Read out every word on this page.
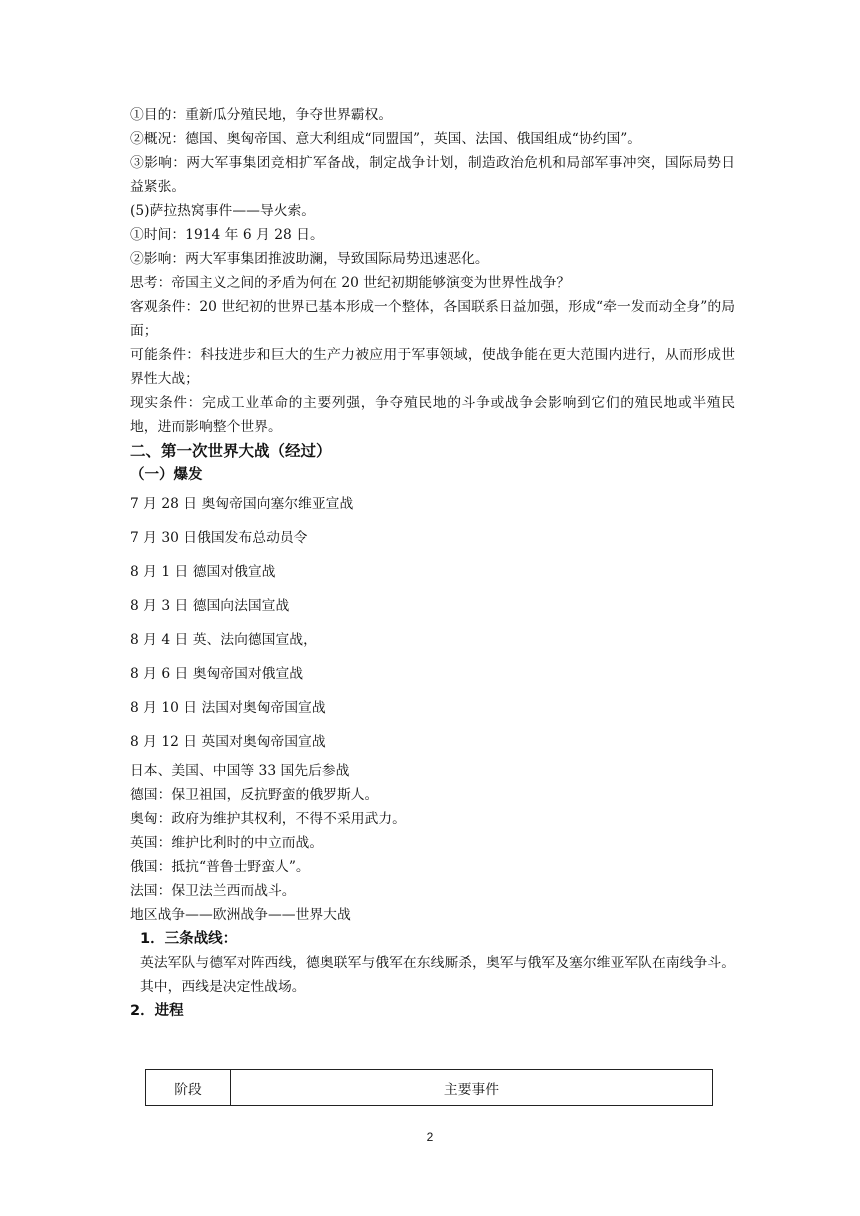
①目的：重新瓜分殖民地，争夺世界霸权。

②概况：德国、奥匈帝国、意大利组成“同盟国”，英国、法国、俄国组成“协约国”。

③影响：两大军事集团竞相扩军备战，制定战争计划，制造政治危机和局部军事冲突，国际局势日益紧张。

(5)萨拉热窝事件——导火索。

①时间：1914 年 6 月 28 日。

②影响：两大军事集团推波助澜，导致国际局势迅速恶化。

思考：帝国主义之间的矛盾为何在 20 世纪初期能够演变为世界性战争？

客观条件：20 世纪初的世界已基本形成一个整体，各国联系日益加强，形成“牵一发而动全身”的局面；

可能条件：科技进步和巨大的生产力被应用于军事领域，使战争能在更大范围内进行，从而形成世界性大战；

现实条件：完成工业革命的主要列强，争夺殖民地的斗争或战争会影响到它们的殖民地或半殖民地，进而影响整个世界。

二、第一次世界大战（经过）

（一）爆发

7 月 28 日 奥匈帝国向塞尔维亚宣战

7 月 30 日俄国发布总动员令

8 月 1 日 德国对俄宣战

8 月 3 日 德国向法国宣战

8 月 4 日 英、法向德国宣战，

8 月 6 日 奥匈帝国对俄宣战

8 月 10 日 法国对奥匈帝国宣战

8 月 12 日 英国对奥匈帝国宣战

日本、美国、中国等 33 国先后参战

德国：保卫祖国，反抗野蛮的俄罗斯人。

奥匈：政府为维护其权利，不得不采用武力。

英国：维护比利时的中立而战。

俄国：抵抗“普鲁士野蛮人”。

法国：保卫法兰西而战斗。

地区战争——欧洲战争——世界大战

1．三条战线：

英法军队与德军对阵西线，德奥联军与俄军在东线厮杀，奥军与俄军及塞尔维亚军队在南线争斗。其中，西线是决定性战场。

2．进程

阶段	主要事件
2
